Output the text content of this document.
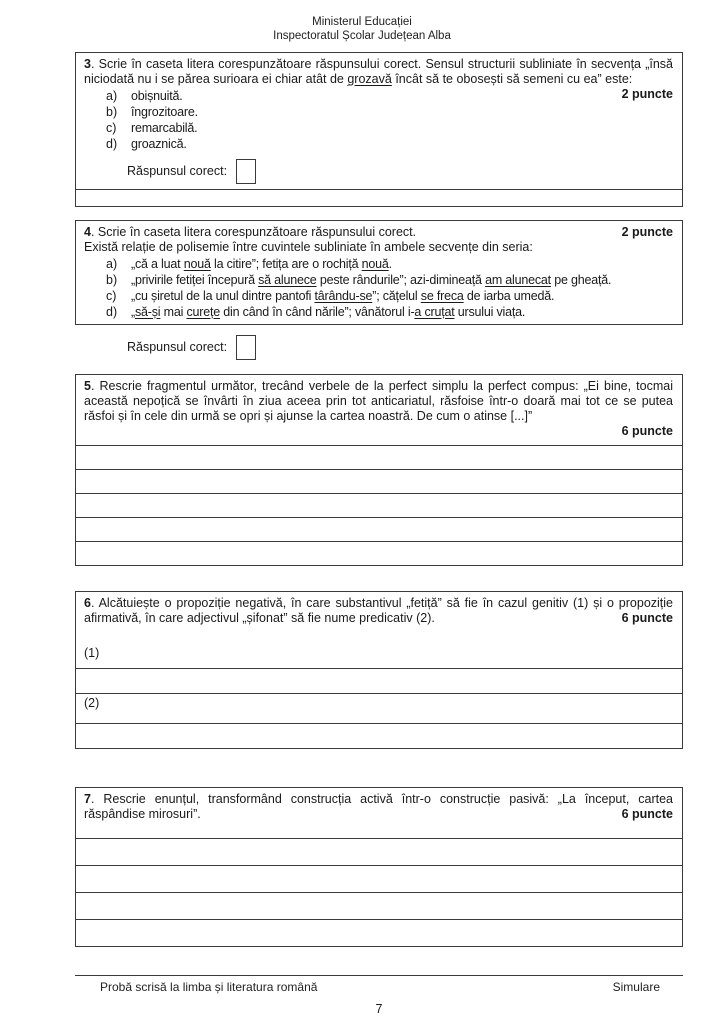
Ministerul Educației
Inspectoratul Școlar Județean Alba

3. Scrie în caseta litera corespunzătoare răspunsului corect. Sensul structurii subliniate în secvența „însă niciodată nu i se părea surioara ei chiar atât de grozavă încât să te obosești să semeni cu ea” este:
2 puncte

a) obișnuită.
b) îngrozitoare.
c) remarcabilă.
d) groaznică.
Răspunsul corect:

4. Scrie în caseta litera corespunzătoare răspunsului corect.	2 puncte

Există relație de polisemie între cuvintele subliniate în ambele secvențe din seria:

a) „că a luat nouă la citire”; fetița are o rochiță nouă.
b) „privirile fetiței începură să alunece peste rândurile”; azi-dimineață am alunecat pe gheață.
c) „cu șiretul de la unul dintre pantofi târându-se”; cățelul se freca de iarba umedă.
d) „să-și mai curețe din când în când nările”; vânătorul i-a cruțat ursului viața.
Răspunsul corect:

5. Rescrie fragmentul următor, trecând verbele de la perfect simplu la perfect compus: „Ei bine, tocmai această nepoțică se învârti în ziua aceea prin tot anticariatul, răsfoise într-o doară mai tot ce se putea răsfoi și în cele din urmă se opri și ajunse la cartea noastră. De cum o atinse [...]”
6 puncte

6. Alcătuiește o propoziție negativă, în care substantivul „fetiță” să fie în cazul genitiv (1) și o propoziție afirmativă, în care adjectivul „șifonat” să fie nume predicativ (2).	6 puncte

(1)
(2)

7. Rescrie enunțul, transformând construcția activă într-o construcție pasivă: „La început, cartea răspândise mirosuri”.	6 puncte

Probă scrisă la limba și literatura română	Simulare
7
